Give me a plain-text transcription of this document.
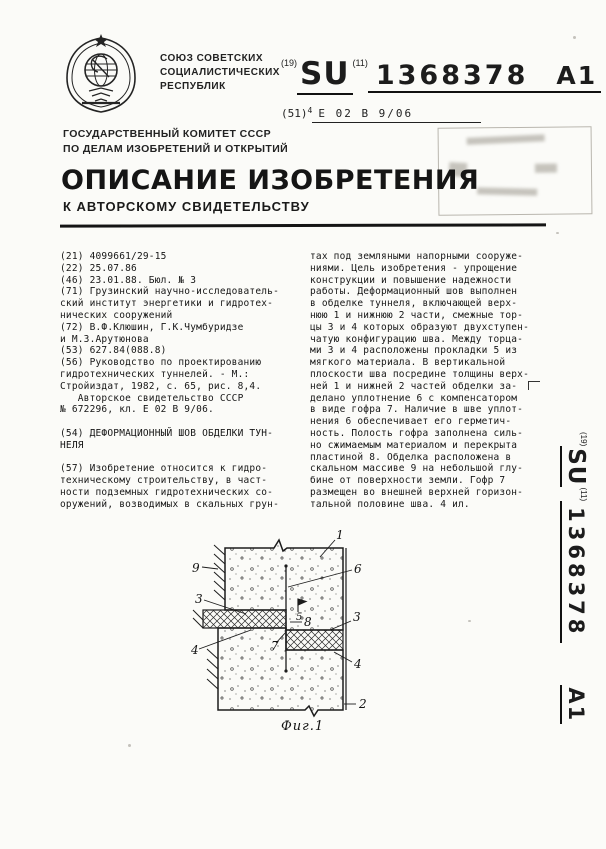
СОЮЗ СОВЕТСКИХ
СОЦИАЛИСТИЧЕСКИХ
РЕСПУБЛИК
$^{(19)}$SU $^{(11)}$ 1368378 A1
$(51)^4$ Е 02 В 9/06
ГОСУДАРСТВЕННЫЙ КОМИТЕТ СССР
ПО ДЕЛАМ ИЗОБРЕТЕНИЙ И ОТКРЫТИЙ
ОПИСАНИЕ ИЗОБРЕТЕНИЯ
К АВТОРСКОМУ СВИДЕТЕЛЬСТВУ
(21) 4099661/29-15
(22) 25.07.86
(46) 23.01.88. Бюл. № 3
(71) Грузинский научно-исследователь-
ский институт энергетики и гидротех-
нических сооружений
(72) В.Ф.Клюшин, Г.К.Чумбуридзе
и М.З.Арутюнова
(53) 627.84(088.8)
(56) Руководство по проектированию
гидротехнических туннелей. - М.:
Стройиздат, 1982, с. 65, рис. 8,4.
Авторское свидетельство СССР
№ 672296, кл. Е 02 В 9/06.

(54) ДЕФОРМАЦИОННЫЙ ШОВ ОБДЕЛКИ ТУН-
НЕЛЯ

(57) Изобретение относится к гидро-
техническому строительству, в част-
ности подземных гидротехнических со-
оружений, возводимых в скальных грун-
тах под земляными напорными сооруже-
ниями. Цель изобретения - упрощение
конструкции и повышение надежности
работы. Деформационный шов выполнен
в обделке туннеля, включающей верх-
нюю 1 и нижнюю 2 части, смежные тор-
цы 3 и 4 которых образуют двухступен-
чатую конфигурацию шва. Между торца-
ми 3 и 4 расположены прокладки 5 из
мягкого материала. В вертикальной
плоскости шва посредине толщины верх-
ней 1 и нижней 2 частей обделки за-
делано уплотнение 6 с компенсатором
в виде гофра 7. Наличие в шве уплот-
нения 6 обеспечивает его герметич-
ность. Полость гофра заполнена силь-
но сжимаемым материалом и перекрыта
пластиной 8. Обделка расположена в
скальном массиве 9 на небольшой глу-
бине от поверхности земли. Гофр 7
размещен во внешней верхней горизон-
тальной половине шва. 4 ил.
$^{(19)}$SU$^{(11)}$1368378A1
1
2
3
3
4
4
5
6
7
8
9
Фиг.1
